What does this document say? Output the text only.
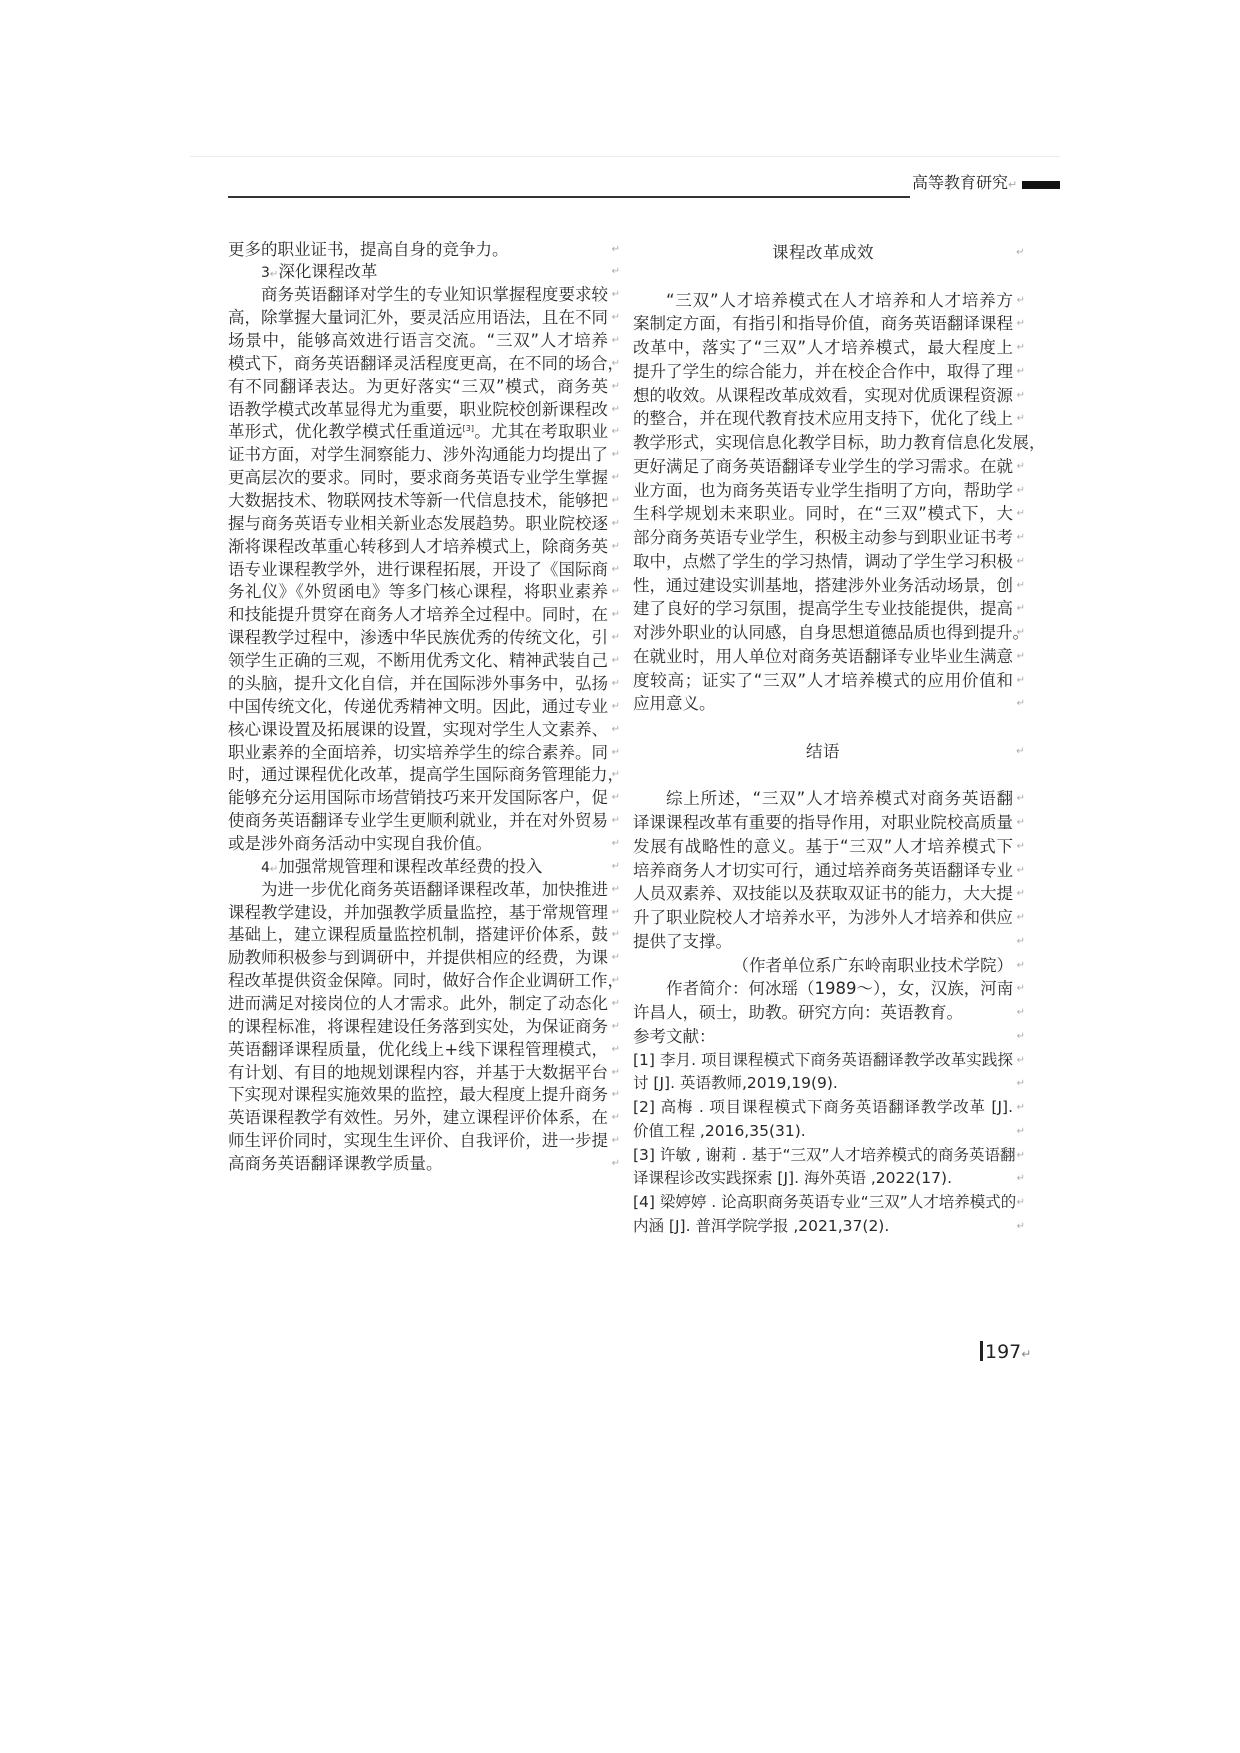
高等教育研究↵
更多的职业证书，提高自身的竞争力。 ↵
3 ↵ 深化课程改革 ↵
商务英语翻译对学生的专业知识掌握程度要求较 ↵
高，除掌握大量词汇外，要灵活应用语法，且在不同 ↵
场景中，能够高效进行语言交流。“三双”人才培养 ↵
模式下，商务英语翻译灵活程度更高，在不同的场合， ↵
有不同翻译表达。为更好落实“三双”模式，商务英 ↵
语教学模式改革显得尤为重要，职业院校创新课程改 ↵
革形式，优化教学模式任重道远[3]。尤其在考取职业 ↵
证书方面，对学生洞察能力、涉外沟通能力均提出了 ↵
更高层次的要求。同时，要求商务英语专业学生掌握 ↵
大数据技术、物联网技术等新一代信息技术，能够把 ↵
握与商务英语专业相关新业态发展趋势。职业院校逐 ↵
渐将课程改革重心转移到人才培养模式上，除商务英 ↵
语专业课程教学外，进行课程拓展，开设了《国际商 ↵
务礼仪》《外贸函电》等多门核心课程，将职业素养 ↵
和技能提升贯穿在商务人才培养全过程中。同时，在 ↵
课程教学过程中，渗透中华民族优秀的传统文化，引 ↵
领学生正确的三观，不断用优秀文化、精神武装自己 ↵
的头脑，提升文化自信，并在国际涉外事务中，弘扬 ↵
中国传统文化，传递优秀精神文明。因此，通过专业 ↵
核心课设置及拓展课的设置，实现对学生人文素养、 ↵
职业素养的全面培养，切实培养学生的综合素养。同 ↵
时，通过课程优化改革，提高学生国际商务管理能力， ↵
能够充分运用国际市场营销技巧来开发国际客户，促 ↵
使商务英语翻译专业学生更顺利就业，并在对外贸易 ↵
或是涉外商务活动中实现自我价值。 ↵
4 ↵ 加强常规管理和课程改革经费的投入 ↵
为进一步优化商务英语翻译课程改革，加快推进 ↵
课程教学建设，并加强教学质量监控，基于常规管理 ↵
基础上，建立课程质量监控机制，搭建评价体系，鼓 ↵
励教师积极参与到调研中，并提供相应的经费，为课 ↵
程改革提供资金保障。同时，做好合作企业调研工作， ↵
进而满足对接岗位的人才需求。此外，制定了动态化 ↵
的课程标准，将课程建设任务落到实处，为保证商务 ↵
英语翻译课程质量，优化线上+线下课程管理模式， ↵
有计划、有目的地规划课程内容，并基于大数据平台 ↵
下实现对课程实施效果的监控，最大程度上提升商务 ↵
英语课程教学有效性。另外，建立课程评价体系，在 ↵
师生评价同时，实现生生评价、自我评价，进一步提 ↵
高商务英语翻译课教学质量。 ↵
课程改革成效 ↵
“三双”人才培养模式在人才培养和人才培养方 ↵
案制定方面，有指引和指导价值，商务英语翻译课程 ↵
改革中，落实了“三双”人才培养模式，最大程度上 ↵
提升了学生的综合能力，并在校企合作中，取得了理 ↵
想的收效。从课程改革成效看，实现对优质课程资源 ↵
的整合，并在现代教育技术应用支持下，优化了线上 ↵
教学形式，实现信息化教学目标，助力教育信息化发展， ↵
更好满足了商务英语翻译专业学生的学习需求。在就 ↵
业方面，也为商务英语专业学生指明了方向，帮助学 ↵
生科学规划未来职业。同时，在“三双”模式下，大 ↵
部分商务英语专业学生，积极主动参与到职业证书考 ↵
取中，点燃了学生的学习热情，调动了学生学习积极 ↵
性，通过建设实训基地，搭建涉外业务活动场景，创 ↵
建了良好的学习氛围，提高学生专业技能提供，提高 ↵
对涉外职业的认同感，自身思想道德品质也得到提升。 ↵
在就业时，用人单位对商务英语翻译专业毕业生满意 ↵
度较高；证实了“三双”人才培养模式的应用价值和 ↵
应用意义。 ↵
结语 ↵
综上所述，“三双”人才培养模式对商务英语翻 ↵
译课课程改革有重要的指导作用，对职业院校高质量 ↵
发展有战略性的意义。基于“三双”人才培养模式下 ↵
培养商务人才切实可行，通过培养商务英语翻译专业 ↵
人员双素养、双技能以及获取双证书的能力，大大提 ↵
升了职业院校人才培养水平，为涉外人才培养和供应 ↵
提供了支撑。 ↵
（作者单位系广东岭南职业技术学院） ↵
作者简介：何冰瑶（1989～），女，汉族，河南 ↵
许昌人，硕士，助教。研究方向：英语教育。 ↵
参考文献： ↵
[1] 李月. 项目课程模式下商务英语翻译教学改革实践探 ↵
讨 [J]. 英语教师,2019,19(9). ↵
[2] 高梅 . 项目课程模式下商务英语翻译教学改革 [J]. ↵
价值工程 ,2016,35(31). ↵
[3] 许敏 , 谢莉 . 基于“三双”人才培养模式的商务英语翻 ↵
译课程诊改实践探索 [J]. 海外英语 ,2022(17). ↵
[4] 梁婷婷 . 论高职商务英语专业“三双”人才培养模式的 ↵
内涵 [J]. 普洱学院学报 ,2021,37(2). ↵
197↵
